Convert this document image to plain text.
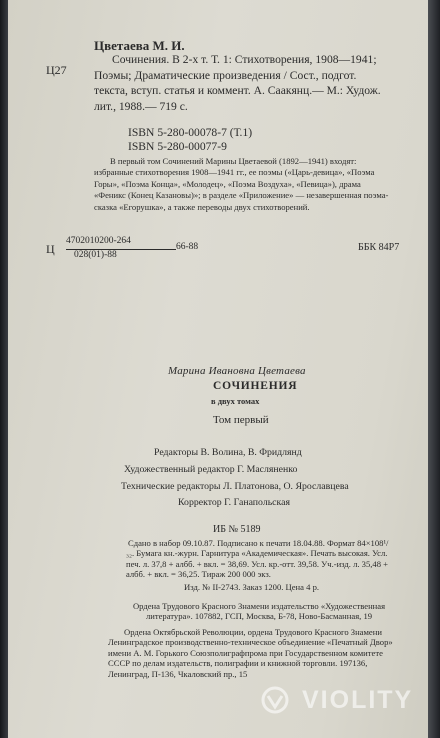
Ц27

Цветаева М. И.

Сочинения. В 2-х т. Т. 1: Стихотворения, 1908—1941; Поэмы; Драматические произведения / Сост., подгот. текста, вступ. статья и коммент. А. Саакянц.— М.: Худож. лит., 1988.— 719 с.

ISBN 5-280-00078-7 (Т.1)

ISBN 5-280-00077-9

В первый том Сочинений Марины Цветаевой (1892—1941) входят: избранные стихотворения 1908—1941 гг., ее поэмы («Царь-девица», «Поэма Горы», «Поэма Конца», «Молодец», «Поэма Воздуха», «Певица»), драма «Феникс (Конец Казановы)»; в разделе «Приложение» — незавершенная поэма-сказка «Егорушка», а также переводы двух стихотворений.

Ц
4702010200-264
028(01)-88
66-88	ББК 84Р7

Марина Ивановна Цветаева

СОЧИНЕНИЯ

в двух томах

Том первый

Редакторы В. Волина, В. Фридлянд

Художественный редактор Г. Масляненко

Технические редакторы Л. Платонова, О. Ярославцева

Корректор Г. Ганапольская

ИБ № 5189

Сдано в набор 09.10.87. Подписано к печати 18.04.88. Формат 84×108¹/₃₂. Бумага кн.-журн. Гарнитура «Академическая». Печать высокая. Усл. печ. л. 37,8 + албб. + вкл. = 38,69. Усл. кр.-отт. 39,58. Уч.-изд. л. 35,48 + албб. + вкл. = 36,25. Тираж 200 000 экз.

Изд. № II-2743. Заказ 1200. Цена 4 р.

Ордена Трудового Красного Знамени издательство «Художественная литература». 107882, ГСП, Москва, Б-78, Ново-Басманная, 19

Ордена Октябрьской Революции, ордена Трудового Красного Знамени Ленинградское производственно-техническое объединение «Печатный Двор» имени А. М. Горького Союзполиграфпрома при Государственном комитете СССР по делам издательств, полиграфии и книжной торговли. 197136, Ленинград, П-136, Чкаловский пр., 15

VIOLITY
